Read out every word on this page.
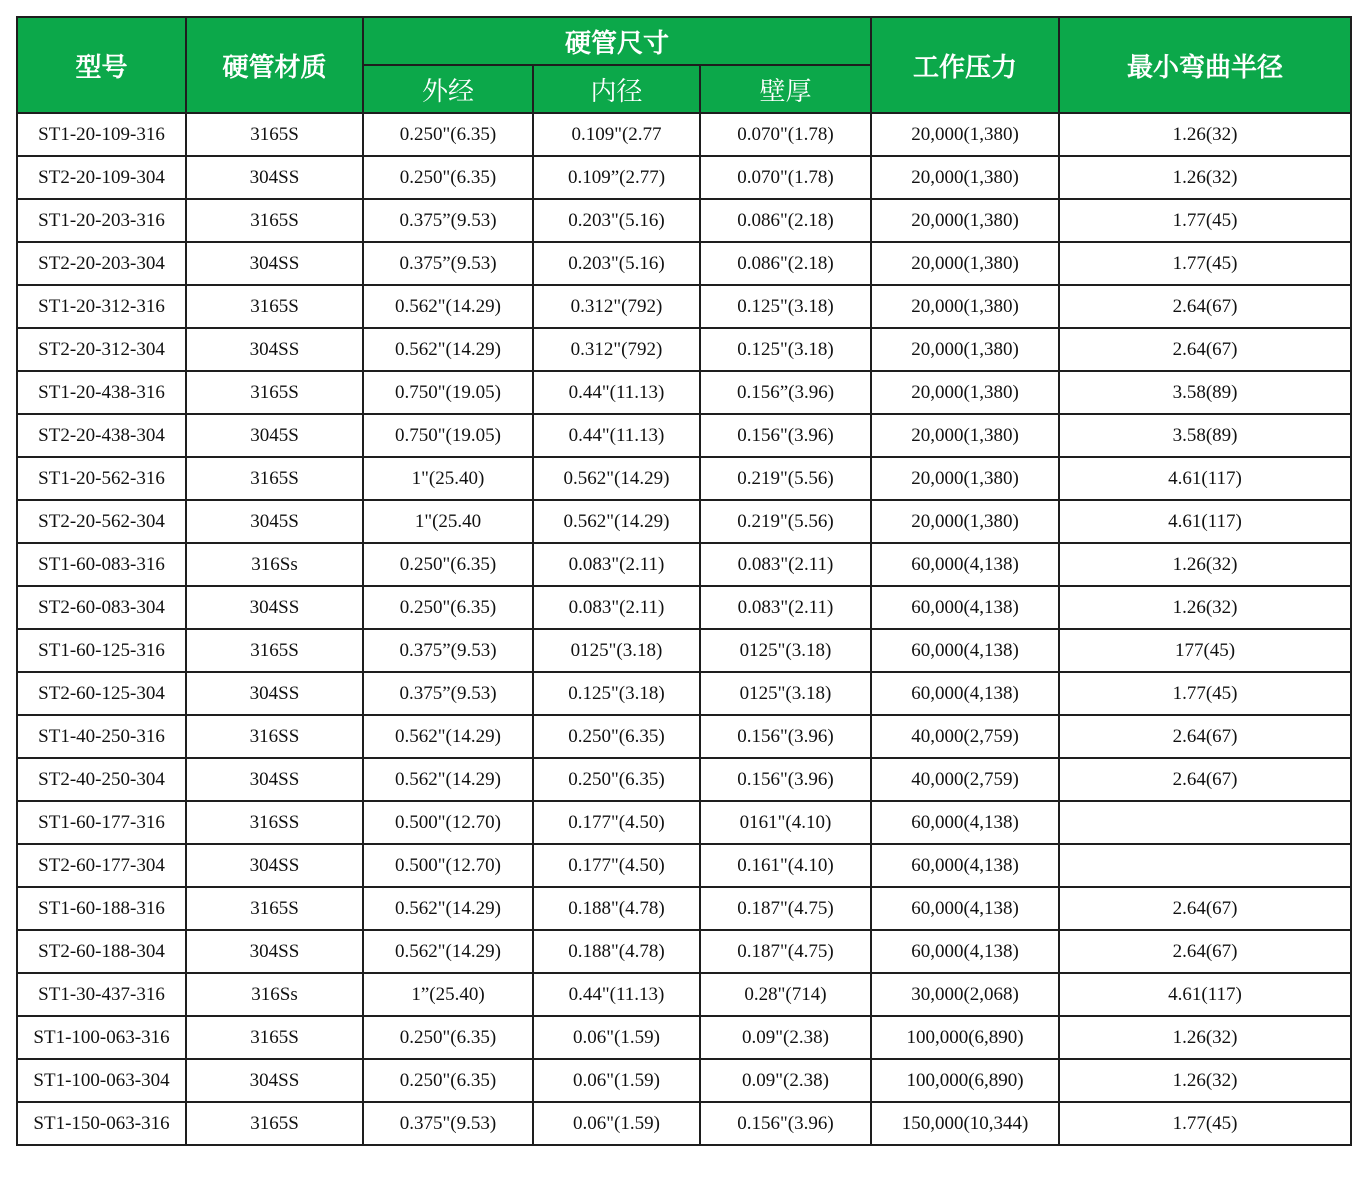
型号	硬管材质	硬管尺寸			工作压力	最小弯曲半径
		外经	内径	壁厚		
ST1-20-109-316	3165S	0.250"(6.35)	0.109"(2.77	0.070"(1.78)	20,000(1,380)	1.26(32)
ST2-20-109-304	304SS	0.250"(6.35)	0.109”(2.77)	0.070"(1.78)	20,000(1,380)	1.26(32)
ST1-20-203-316	3165S	0.375”(9.53)	0.203"(5.16)	0.086"(2.18)	20,000(1,380)	1.77(45)
ST2-20-203-304	304SS	0.375”(9.53)	0.203"(5.16)	0.086"(2.18)	20,000(1,380)	1.77(45)
ST1-20-312-316	3165S	0.562"(14.29)	0.312"(792)	0.125"(3.18)	20,000(1,380)	2.64(67)
ST2-20-312-304	304SS	0.562"(14.29)	0.312"(792)	0.125"(3.18)	20,000(1,380)	2.64(67)
ST1-20-438-316	3165S	0.750"(19.05)	0.44"(11.13)	0.156”(3.96)	20,000(1,380)	3.58(89)
ST2-20-438-304	3045S	0.750"(19.05)	0.44"(11.13)	0.156"(3.96)	20,000(1,380)	3.58(89)
ST1-20-562-316	3165S	1"(25.40)	0.562"(14.29)	0.219"(5.56)	20,000(1,380)	4.61(117)
ST2-20-562-304	3045S	1"(25.40	0.562"(14.29)	0.219"(5.56)	20,000(1,380)	4.61(117)
ST1-60-083-316	316Ss	0.250"(6.35)	0.083"(2.11)	0.083"(2.11)	60,000(4,138)	1.26(32)
ST2-60-083-304	304SS	0.250"(6.35)	0.083"(2.11)	0.083"(2.11)	60,000(4,138)	1.26(32)
ST1-60-125-316	3165S	0.375”(9.53)	0125"(3.18)	0125"(3.18)	60,000(4,138)	177(45)
ST2-60-125-304	304SS	0.375”(9.53)	0.125"(3.18)	0125"(3.18)	60,000(4,138)	1.77(45)
ST1-40-250-316	316SS	0.562"(14.29)	0.250"(6.35)	0.156"(3.96)	40,000(2,759)	2.64(67)
ST2-40-250-304	304SS	0.562"(14.29)	0.250"(6.35)	0.156"(3.96)	40,000(2,759)	2.64(67)
ST1-60-177-316	316SS	0.500"(12.70)	0.177"(4.50)	0161"(4.10)	60,000(4,138)	
ST2-60-177-304	304SS	0.500"(12.70)	0.177"(4.50)	0.161"(4.10)	60,000(4,138)	
ST1-60-188-316	3165S	0.562"(14.29)	0.188"(4.78)	0.187"(4.75)	60,000(4,138)	2.64(67)
ST2-60-188-304	304SS	0.562"(14.29)	0.188"(4.78)	0.187"(4.75)	60,000(4,138)	2.64(67)
ST1-30-437-316	316Ss	1”(25.40)	0.44"(11.13)	0.28"(714)	30,000(2,068)	4.61(117)
ST1-100-063-316	3165S	0.250"(6.35)	0.06"(1.59)	0.09"(2.38)	100,000(6,890)	1.26(32)
ST1-100-063-304	304SS	0.250"(6.35)	0.06"(1.59)	0.09"(2.38)	100,000(6,890)	1.26(32)
ST1-150-063-316	3165S	0.375"(9.53)	0.06"(1.59)	0.156"(3.96)	150,000(10,344)	1.77(45)
